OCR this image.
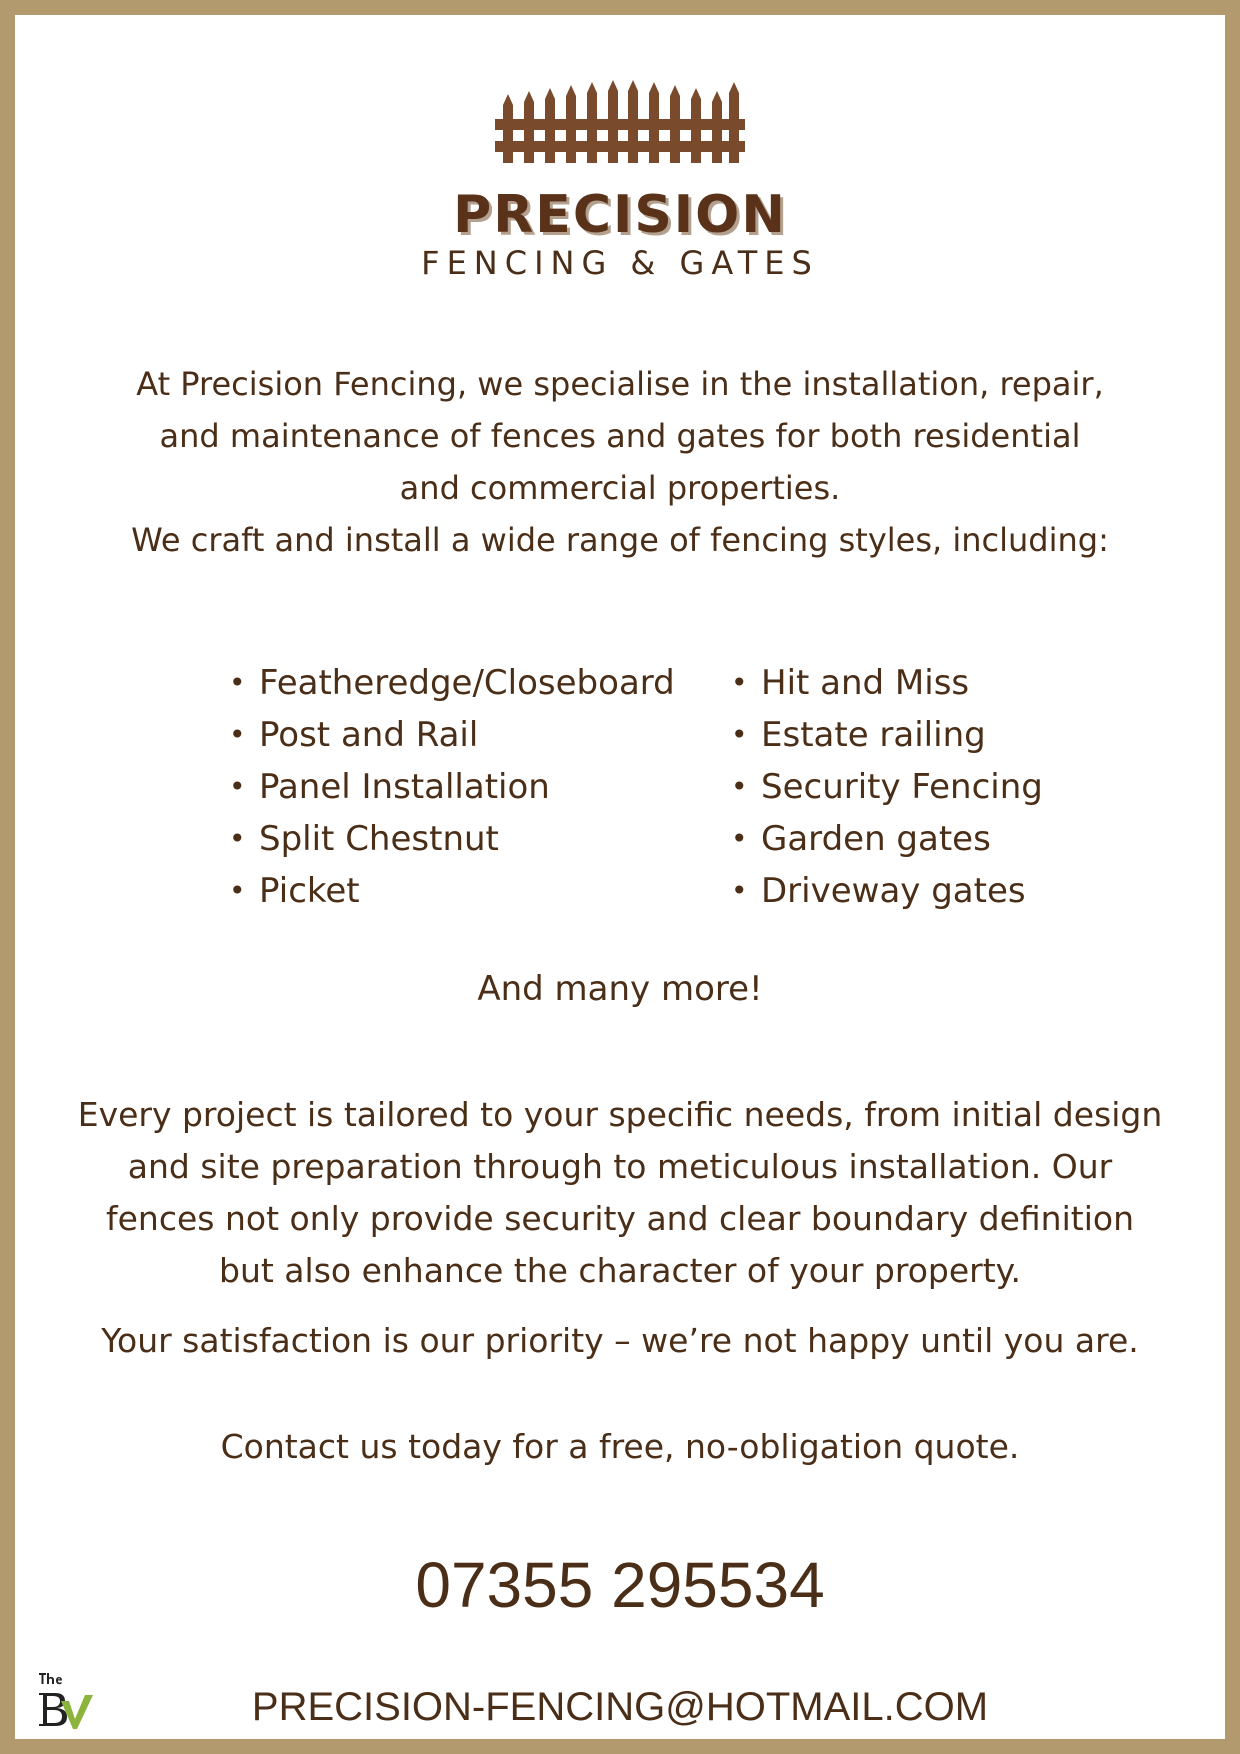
PRECISION
FENCING & GATES
At Precision Fencing, we specialise in the installation, repair,
and maintenance of fences and gates for both residential
and commercial properties.
We craft and install a wide range of fencing styles, including:
• Featheredge/Closeboard
• Post and Rail
• Panel Installation
• Split Chestnut
• Picket
• Hit and Miss
• Estate railing
• Security Fencing
• Garden gates
• Driveway gates
And many more!
Every project is tailored to your specific needs, from initial design
and site preparation through to meticulous installation. Our
fences not only provide security and clear boundary definition
but also enhance the character of your property.
Your satisfaction is our priority – we’re not happy until you are.
Contact us today for a free, no-obligation quote.
07355 295534
PRECISION-FENCING@HOTMAIL.COM
